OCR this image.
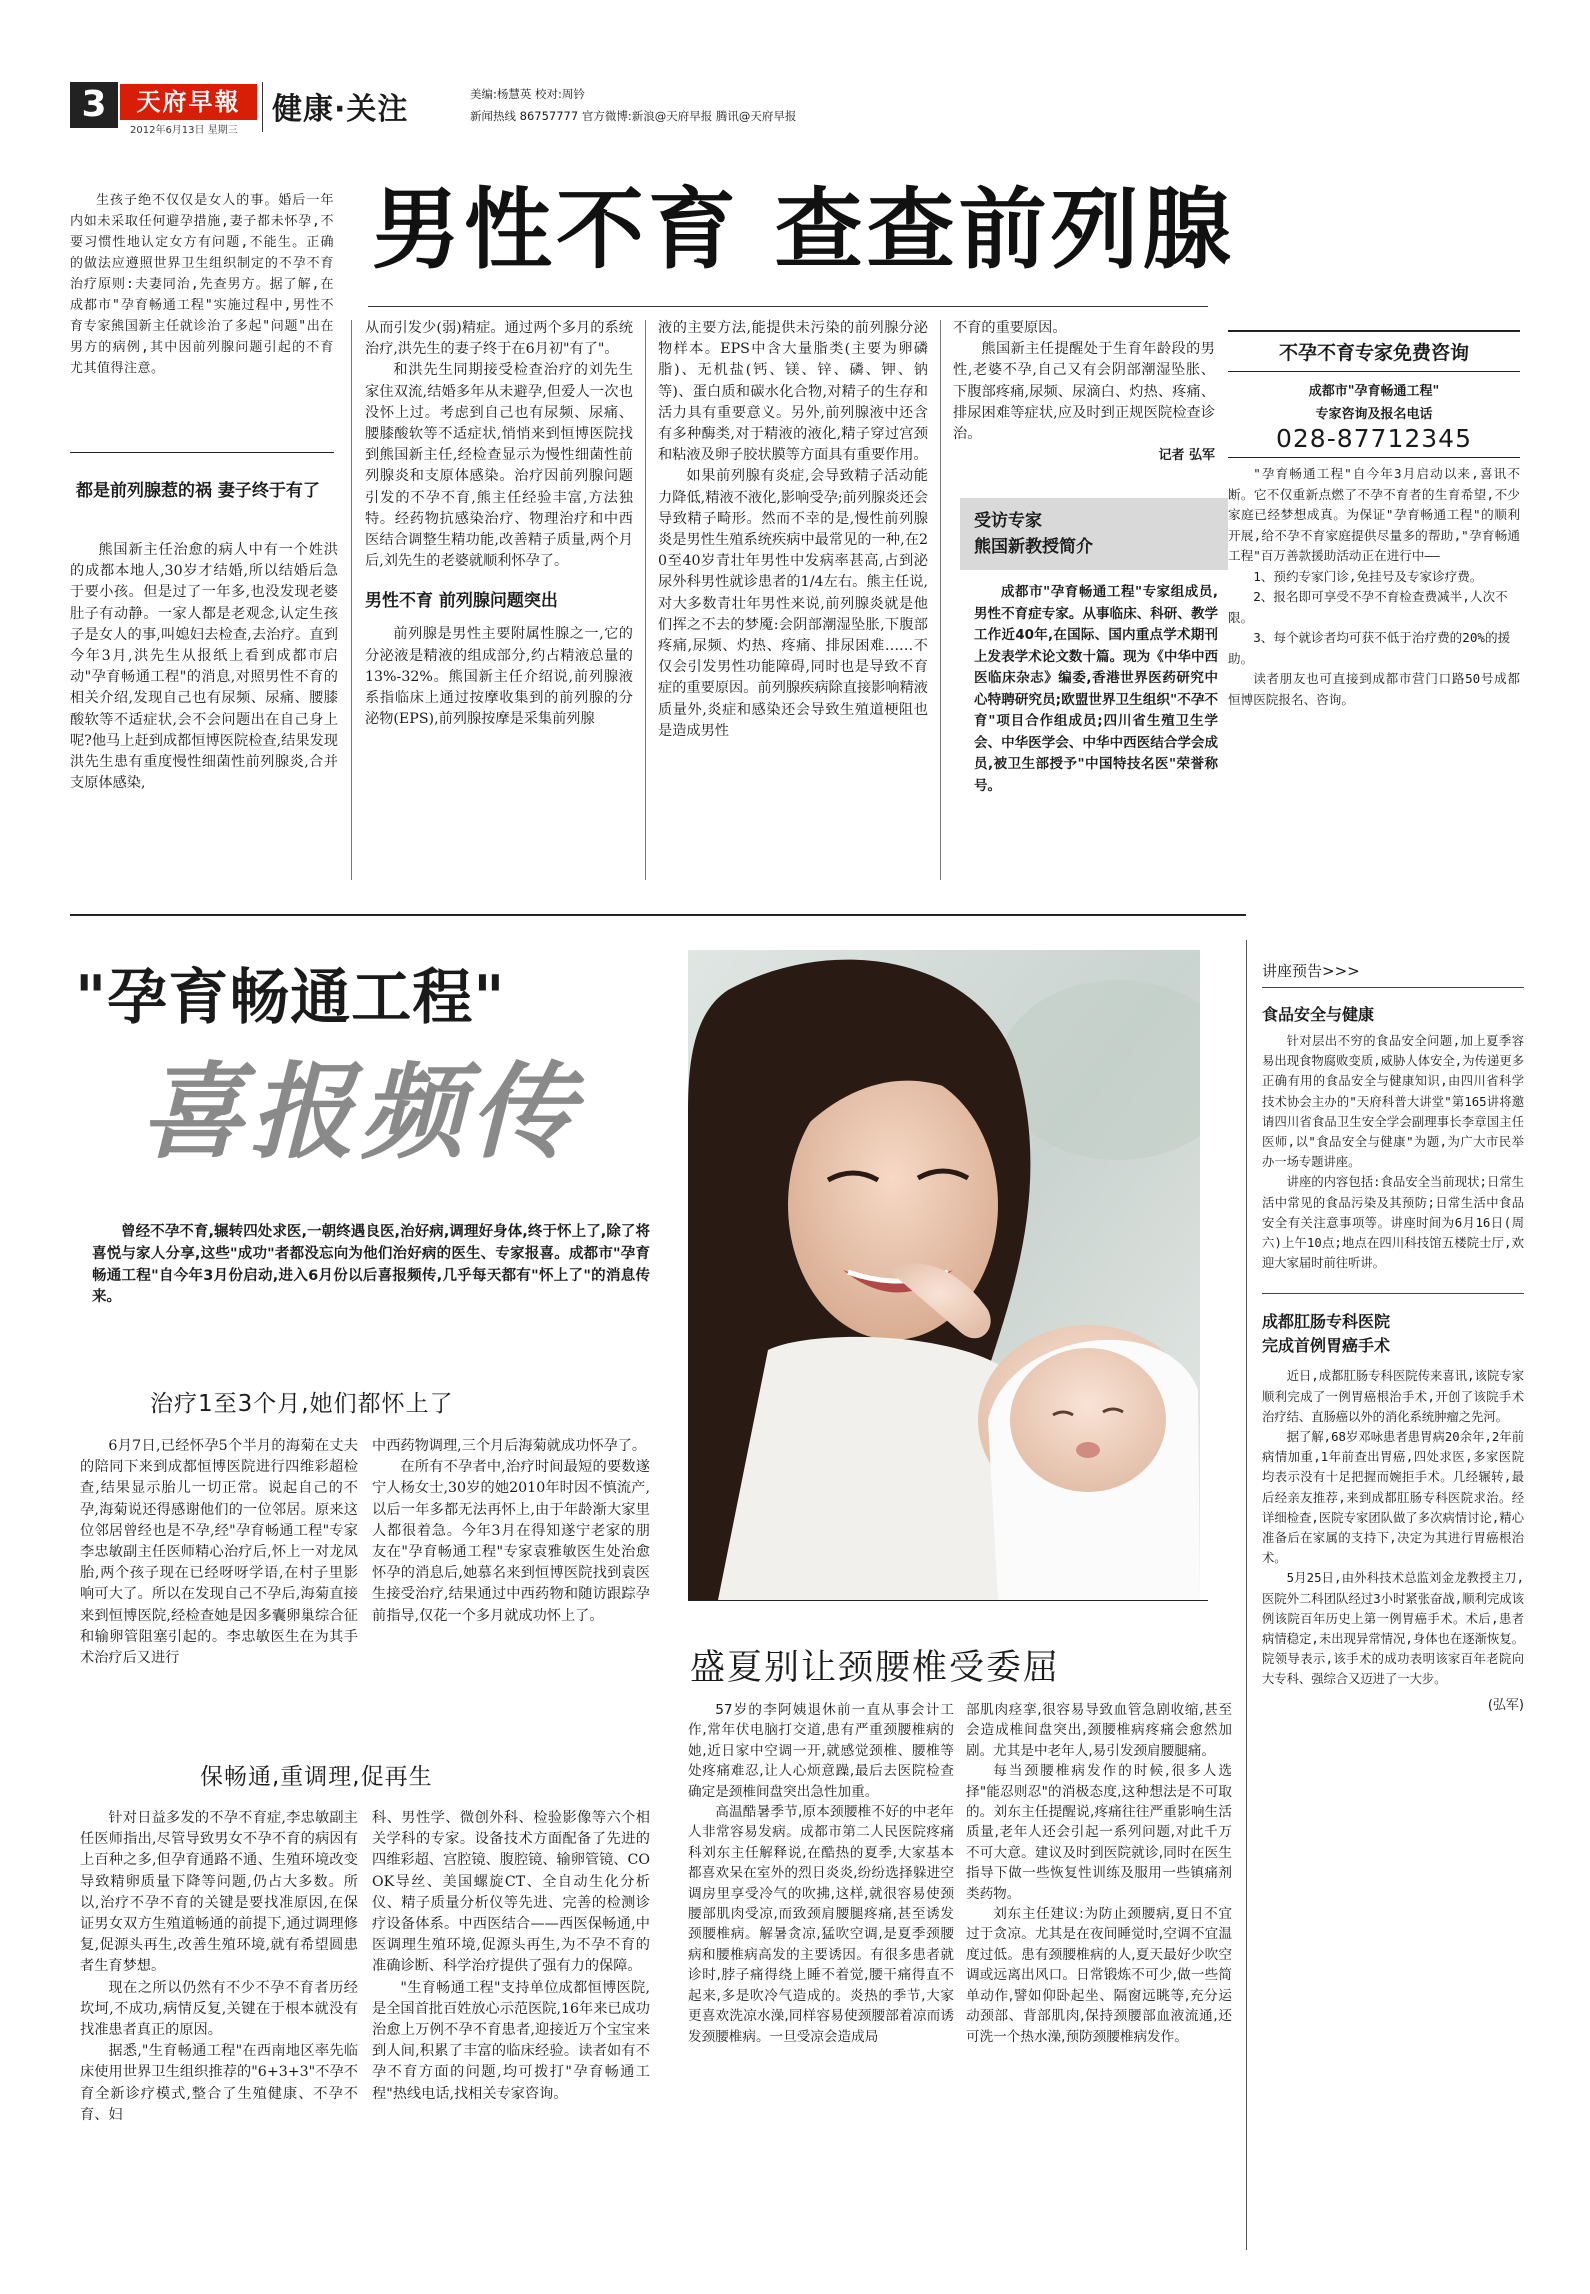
31
天府早報
2012年6月13日 星期三
健康·关注	美编:杨慧英 校对:周钤
新闻热线 86757777 官方微博:新浪@天府早报 腾讯@天府早报
生孩子绝不仅仅是女人的事。婚后一年内如未采取任何避孕措施,妻子都未怀孕,不要习惯性地认定女方有问题,不能生。正确的做法应遵照世界卫生组织制定的不孕不育治疗原则:夫妻同治,先查男方。据了解,在成都市"孕育畅通工程"实施过程中,男性不育专家熊国新主任就诊治了多起"问题"出在男方的病例,其中因前列腺问题引起的不育尤其值得注意。
男性不育 查查前列腺
都是前列腺惹的祸 妻子终于有了
熊国新主任治愈的病人中有一个姓洪的成都本地人,30岁才结婚,所以结婚后急于要小孩。但是过了一年多,也没发现老婆肚子有动静。一家人都是老观念,认定生孩子是女人的事,叫媳妇去检查,去治疗。直到今年3月,洪先生从报纸上看到成都市启动"孕育畅通工程"的消息,对照男性不育的相关介绍,发现自己也有尿频、尿痛、腰膝酸软等不适症状,会不会问题出在自己身上呢?他马上赶到成都恒博医院检查,结果发现洪先生患有重度慢性细菌性前列腺炎,合并支原体感染,

从而引发少(弱)精症。通过两个多月的系统治疗,洪先生的妻子终于在6月初"有了"。

和洪先生同期接受检查治疗的刘先生家住双流,结婚多年从未避孕,但爱人一次也没怀上过。考虑到自己也有尿频、尿痛、腰膝酸软等不适症状,悄悄来到恒博医院找到熊国新主任,经检查显示为慢性细菌性前列腺炎和支原体感染。治疗因前列腺问题引发的不孕不育,熊主任经验丰富,方法独特。经药物抗感染治疗、物理治疗和中西医结合调整生精功能,改善精子质量,两个月后,刘先生的老婆就顺利怀孕了。

男性不育 前列腺问题突出

前列腺是男性主要附属性腺之一,它的分泌液是精液的组成部分,约占精液总量的13%-32%。熊国新主任介绍说,前列腺液系指临床上通过按摩收集到的前列腺的分泌物(EPS),前列腺按摩是采集前列腺

液的主要方法,能提供未污染的前列腺分泌物样本。EPS中含大量脂类(主要为卵磷脂)、无机盐(钙、镁、锌、磷、钾、钠等)、蛋白质和碳水化合物,对精子的生存和活力具有重要意义。另外,前列腺液中还含有多种酶类,对于精液的液化,精子穿过宫颈和粘液及卵子胶状膜等方面具有重要作用。

如果前列腺有炎症,会导致精子活动能力降低,精液不液化,影响受孕;前列腺炎还会导致精子畸形。然而不幸的是,慢性前列腺炎是男性生殖系统疾病中最常见的一种,在20至40岁青壮年男性中发病率甚高,占到泌尿外科男性就诊患者的1/4左右。熊主任说,对大多数青壮年男性来说,前列腺炎就是他们挥之不去的梦魇:会阴部潮湿坠胀,下腹部疼痛,尿频、灼热、疼痛、排尿困难……不仅会引发男性功能障碍,同时也是导致不育症的重要原因。前列腺疾病除直接影响精液质量外,炎症和感染还会导致生殖道梗阻也是造成男性

不育的重要原因。

熊国新主任提醒处于生育年龄段的男性,老婆不孕,自己又有会阴部潮湿坠胀、下腹部疼痛,尿频、尿滴白、灼热、疼痛、排尿困难等症状,应及时到正规医院检查诊治。

记者 弘军

受访专家
熊国新教授简介
成都市"孕育畅通工程"专家组成员,男性不育症专家。从事临床、科研、教学工作近40年,在国际、国内重点学术期刊上发表学术论文数十篇。现为《中华中西医临床杂志》编委,香港世界医药研究中心特聘研究员;欧盟世界卫生组织"不孕不育"项目合作组成员;四川省生殖卫生学会、中华医学会、中华中西医结合学会成员,被卫生部授予"中国特技名医"荣誉称号。
不孕不育专家免费咨询
成都市"孕育畅通工程"
专家咨询及报名电话
028-87712345

"孕育畅通工程"自今年3月启动以来,喜讯不断。它不仅重新点燃了不孕不育者的生育希望,不少家庭已经梦想成真。为保证"孕育畅通工程"的顺利开展,给不孕不育家庭提供尽量多的帮助,"孕育畅通工程"百万善款援助活动正在进行中——

1、预约专家门诊,免挂号及专家诊疗费。

2、报名即可享受不孕不育检查费减半,人次不限。

3、每个就诊者均可获不低于治疗费的20%的援助。

读者朋友也可直接到成都市营门口路50号成都恒博医院报名、咨询。

"孕育畅通工程"
喜报频传
曾经不孕不育,辗转四处求医,一朝终遇良医,治好病,调理好身体,终于怀上了,除了将喜悦与家人分享,这些"成功"者都没忘向为他们治好病的医生、专家报喜。成都市"孕育畅通工程"自今年3月份启动,进入6月份以后喜报频传,几乎每天都有"怀上了"的消息传来。
治疗1至3个月,她们都怀上了
6月7日,已经怀孕5个半月的海菊在丈夫的陪同下来到成都恒博医院进行四维彩超检查,结果显示胎儿一切正常。说起自己的不孕,海菊说还得感谢他们的一位邻居。原来这位邻居曾经也是不孕,经"孕育畅通工程"专家李忠敏副主任医师精心治疗后,怀上一对龙凤胎,两个孩子现在已经呀呀学语,在村子里影响可大了。所以在发现自己不孕后,海菊直接来到恒博医院,经检查她是因多囊卵巢综合征和输卵管阻塞引起的。李忠敏医生在为其手术治疗后又进行

中西药物调理,三个月后海菊就成功怀孕了。

在所有不孕者中,治疗时间最短的要数遂宁人杨女士,30岁的她2010年时因不慎流产,以后一年多都无法再怀上,由于年龄渐大家里人都很着急。今年3月在得知遂宁老家的朋友在"孕育畅通工程"专家袁雅敏医生处治愈怀孕的消息后,她慕名来到恒博医院找到袁医生接受治疗,结果通过中西药物和随访跟踪孕前指导,仅花一个多月就成功怀上了。

保畅通,重调理,促再生

针对日益多发的不孕不育症,李忠敏副主任医师指出,尽管导致男女不孕不育的病因有上百种之多,但孕育通路不通、生殖环境改变导致精卵质量下降等问题,仍占大多数。所以,治疗不孕不育的关键是要找准原因,在保证男女双方生殖道畅通的前提下,通过调理修复,促源头再生,改善生殖环境,就有希望圆患者生育梦想。

现在之所以仍然有不少不孕不育者历经坎坷,不成功,病情反复,关键在于根本就没有找准患者真正的原因。

据悉,"生育畅通工程"在西南地区率先临床使用世界卫生组织推荐的"6+3+3"不孕不育全新诊疗模式,整合了生殖健康、不孕不育、妇

科、男性学、微创外科、检验影像等六个相关学科的专家。设备技术方面配备了先进的四维彩超、宫腔镜、腹腔镜、输卵管镜、COOK导丝、美国螺旋CT、全自动生化分析仪、精子质量分析仪等先进、完善的检测诊疗设备体系。中西医结合——西医保畅通,中医调理生殖环境,促源头再生,为不孕不育的准确诊断、科学治疗提供了强有力的保障。

"生育畅通工程"支持单位成都恒博医院,是全国首批百姓放心示范医院,16年来已成功治愈上万例不孕不育患者,迎接近万个宝宝来到人间,积累了丰富的临床经验。读者如有不孕不育方面的问题,均可拨打"孕育畅通工程"热线电话,找相关专家咨询。

盛夏别让颈腰椎受委屈

57岁的李阿姨退休前一直从事会计工作,常年伏电脑打交道,患有严重颈腰椎病的她,近日家中空调一开,就感觉颈椎、腰椎等处疼痛难忍,让人心烦意躁,最后去医院检查确定是颈椎间盘突出急性加重。

高温酷暑季节,原本颈腰椎不好的中老年人非常容易发病。成都市第二人民医院疼痛科刘东主任解释说,在酷热的夏季,大家基本都喜欢呆在室外的烈日炎炎,纷纷选择躲进空调房里享受冷气的吹拂,这样,就很容易使颈腰部肌肉受凉,而致颈肩腰腿疼痛,甚至诱发颈腰椎病。解暑贪凉,猛吹空调,是夏季颈腰病和腰椎病高发的主要诱因。有很多患者就诊时,脖子痛得绕上睡不着觉,腰干痛得直不起来,多是吹冷气造成的。炎热的季节,大家更喜欢洗凉水澡,同样容易使颈腰部着凉而诱发颈腰椎病。一旦受凉会造成局

部肌肉痉挛,很容易导致血管急剧收缩,甚至会造成椎间盘突出,颈腰椎病疼痛会愈然加剧。尤其是中老年人,易引发颈肩腰腿痛。

每当颈腰椎病发作的时候,很多人选择"能忍则忍"的消极态度,这种想法是不可取的。刘东主任提醒说,疼痛往往严重影响生活质量,老年人还会引起一系列问题,对此千万不可大意。建议及时到医院就诊,同时在医生指导下做一些恢复性训练及服用一些镇痛剂类药物。

刘东主任建议:为防止颈腰病,夏日不宜过于贪凉。尤其是在夜间睡觉时,空调不宜温度过低。患有颈腰椎病的人,夏天最好少吹空调或远离出风口。日常锻炼不可少,做一些简单动作,譬如仰卧起坐、隔窗远眺等,充分运动颈部、背部肌肉,保持颈腰部血液流通,还可洗一个热水澡,预防颈腰椎病发作。

讲座预告>>>
食品安全与健康

针对层出不穷的食品安全问题,加上夏季容易出现食物腐败变质,威胁人体安全,为传递更多正确有用的食品安全与健康知识,由四川省科学技术协会主办的"天府科普大讲堂"第165讲将邀请四川省食品卫生安全学会副理事长李章国主任医师,以"食品安全与健康"为题,为广大市民举办一场专题讲座。

讲座的内容包括:食品安全当前现状;日常生活中常见的食品污染及其预防;日常生活中食品安全有关注意事项等。讲座时间为6月16日(周六)上午10点;地点在四川科技馆五楼院士厅,欢迎大家届时前往听讲。

成都肛肠专科医院
完成首例胃癌手术

近日,成都肛肠专科医院传来喜讯,该院专家顺利完成了一例胃癌根治手术,开创了该院手术治疗结、直肠癌以外的消化系统肿瘤之先河。

据了解,68岁邓咏患者患胃病20余年,2年前病情加重,1年前查出胃癌,四处求医,多家医院均表示没有十足把握而婉拒手术。几经辗转,最后经亲友推荐,来到成都肛肠专科医院求治。经详细检查,医院专家团队做了多次病情讨论,精心准备后在家属的支持下,决定为其进行胃癌根治术。

5月25日,由外科技术总监刘金龙教授主刀,医院外二科团队经过3小时紧张奋战,顺利完成该例该院百年历史上第一例胃癌手术。术后,患者病情稳定,未出现异常情况,身体也在逐渐恢复。院领导表示,该手术的成功表明该家百年老院向大专科、强综合又迈进了一大步。

(弘军)
